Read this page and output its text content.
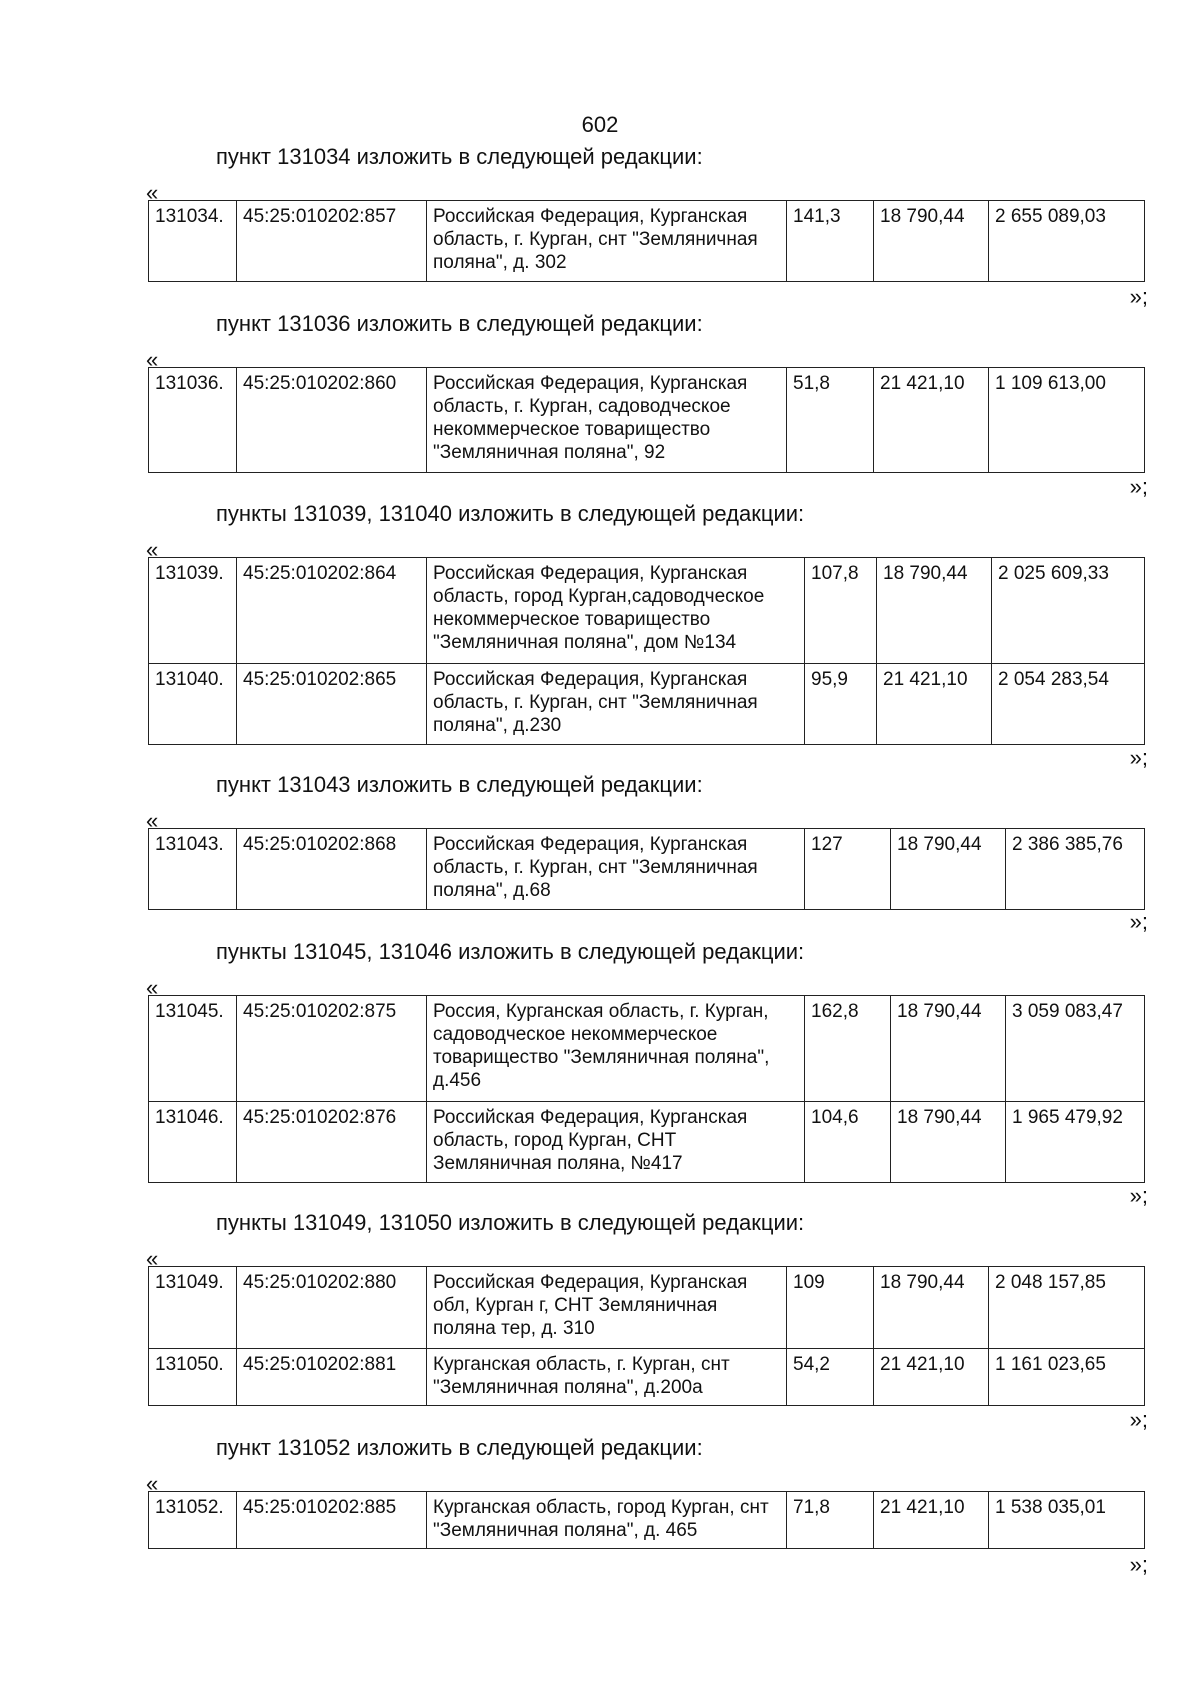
602
пункт 131034 изложить в следующей редакции:
«
131034.	45:25:010202:857	Российская Федерация, Курганская область, г. Курган, снт "Земляничная поляна", д. 302	141,3	18 790,44	2 655 089,03
»;
пункт 131036 изложить в следующей редакции:
«
131036.	45:25:010202:860	Российская Федерация, Курганская область, г. Курган, садоводческое некоммерческое товарищество "Земляничная поляна", 92	51,8	21 421,10	1 109 613,00
»;
пункты 131039, 131040 изложить в следующей редакции:
«
131039.	45:25:010202:864	Российская Федерация, Курганская область, город Курган,садоводческое некоммерческое товарищество "Земляничная поляна", дом №134	107,8	18 790,44	2 025 609,33
131040.	45:25:010202:865	Российская Федерация, Курганская область, г. Курган, снт "Земляничная поляна", д.230	95,9	21 421,10	2 054 283,54
»;
пункт 131043 изложить в следующей редакции:
«
131043.	45:25:010202:868	Российская Федерация, Курганская область, г. Курган, снт "Земляничная поляна", д.68	127	18 790,44	2 386 385,76
»;
пункты 131045, 131046 изложить в следующей редакции:
«
131045.	45:25:010202:875	Россия, Курганская область, г. Курган, садоводческое некоммерческое товарищество "Земляничная поляна", д.456	162,8	18 790,44	3 059 083,47
131046.	45:25:010202:876	Российская Федерация, Курганская область, город Курган, СНТ Земляничная поляна, №417	104,6	18 790,44	1 965 479,92
»;
пункты 131049, 131050 изложить в следующей редакции:
«
131049.	45:25:010202:880	Российская Федерация, Курганская обл, Курган г, СНТ Земляничная поляна тер, д. 310	109	18 790,44	2 048 157,85
131050.	45:25:010202:881	Курганская область, г. Курган, снт "Земляничная поляна", д.200а	54,2	21 421,10	1 161 023,65
»;
пункт 131052 изложить в следующей редакции:
«
131052.	45:25:010202:885	Курганская область, город Курган, снт "Земляничная поляна", д. 465	71,8	21 421,10	1 538 035,01
»;
